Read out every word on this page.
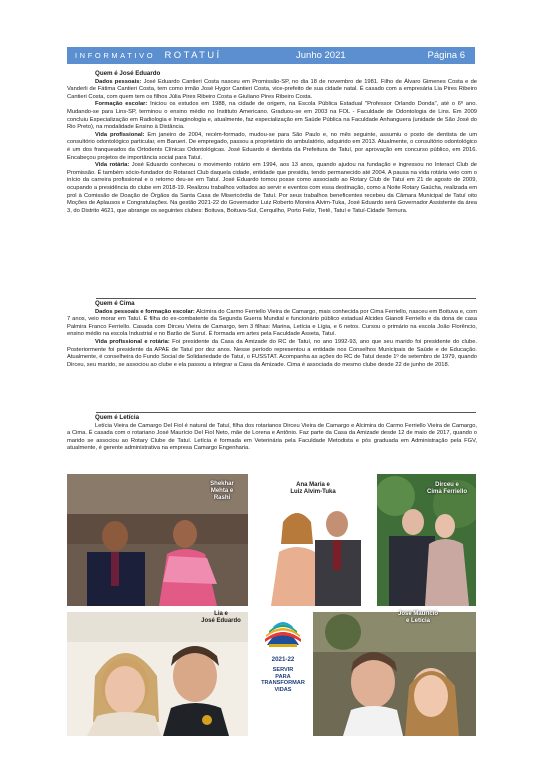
INFORMATIVO ROTATUÍ	Junho 2021	Página 6

Quem é José Eduardo

Dados pessoais: José Eduardo Cantieri Costa nasceu em Promissão-SP, no dia 18 de novembro de 1981. Filho de Álvaro Gimenes Costa e de Vanderli de Fátima Cantieri Costa, tem como irmão José Hygor Cantieri Costa, vice-prefeito de sua cidade natal. É casado com a empresária Lia Pires Ribeiro Cantieri Costa, com quem tem os filhos Júlia Pires Ribeiro Costa e Giuliano Pires Ribeiro Costa.

Formação escolar: Iniciou os estudos em 1988, na cidade de origem, na Escola Pública Estadual "Professor Orlando Donda", até o 6º ano. Mudando-se para Lins-SP, terminou o ensino médio no Instituto Americano. Graduou-se em 2003 na FOL - Faculdade de Odontologia de Lins. Em 2009 concluiu Especialização em Radiologia e Imaginologia e, atualmente, faz especialização em Saúde Pública na Faculdade Anhanguera (unidade de São José do Rio Preto), na modalidade Ensino à Distância.

Vida profissional: Em janeiro de 2004, recém-formado, mudou-se para São Paulo e, no mês seguinte, assumiu o posto de dentista de um consultório odontológico particular, em Barueri. De empregado, passou a proprietário do ambulatório, adquirido em 2013. Atualmente, o consultório odontológico é um dos franqueados da Ortodents Clínicas Odontológicas. José Eduardo é dentista da Prefeitura de Tatuí, por aprovação em concurso público, em 2016. Encabeçou projetos de importância social para Tatuí.

Vida rotária: José Eduardo conheceu o movimento rotário em 1994, aos 13 anos, quando ajudou na fundação e ingressou no Interact Club de Promissão. É também sócio-fundador do Rotaract Club daquela cidade, entidade que presidiu, tendo permanecido até 2004. A pausa na vida rotária veio com o início da carreira profissional e o retorno deu-se em Tatuí. José Eduardo tomou posse como associado ao Rotary Club de Tatuí em 21 de agosto de 2009, ocupando a presidência do clube em 2018-19. Realizou trabalhos voltados ao servir e eventos com essa destinação, como a Noite Rotary Gaúcha, realizada em prol à Comissão de Doação de Órgãos da Santa Casa de Misericórdia de Tatuí. Por seus trabalhos beneficentes recebeu da Câmara Municipal de Tatuí oito Moções de Aplausos e Congratulações. Na gestão 2021-22 do Governador Luiz Roberto Moreira Alvim-Tuka, José Eduardo será Governador Assistente da área 3, do Distrito 4621, que abrange os seguintes clubes: Boituva, Boituva-Sul, Cerquilho, Porto Feliz, Tietê, Tatuí e Tatuí-Cidade Ternura.

Quem é Cima

Dados pessoais e formação escolar: Alcimira do Carmo Ferriello Vieira de Camargo, mais conhecida por Cima Ferriello, nasceu em Boituva e, com 7 anos, veio morar em Tatuí. É filha do ex-combatente da Segunda Guerra Mundial e funcionário público estadual Alcides Gianoti Ferriello e da dona de casa Palmira Franco Ferriello. Casada com Dirceu Vieira de Camargo, tem 3 filhas: Marina, Letícia e Lígia, e 6 netos. Cursou o primário na escola João Florêncio, ensino médio na escola Industrial e no Barão de Suruí. É formada em artes pela Faculdade Asseta, Tatuí.

Vida profissional e rotária: Foi presidente da Casa da Amizade do RC de Tatuí, no ano 1992-93, ano que seu marido foi presidente do clube. Posteriormente foi presidente da APAE de Tatuí por dez anos. Nesse período representou a entidade nos Conselhos Municipais de Saúde e de Educação. Atualmente, é conselheira do Fundo Social de Solidariedade de Tatuí, o FUSSTAT. Acompanha as ações do RC de Tatuí desde 1º de setembro de 1979, quando Dirceu, seu marido, se associou ao clube e ela passou a integrar a Casa da Amizade. Cima é associada do mesmo clube desde 22 de junho de 2018.

Quem é Letícia

Letícia Vieira de Camargo Del Fiol é natural de Tatuí, filha dos rotarianos Dirceu Vieira de Camargo e Alcimira do Carmo Ferriello Vieira de Camargo, a Cima. É casada com o rotariano José Maurício Del Fiol Neto, mãe de Lorena e Antônio. Faz parte da Casa da Amizade desde 12 de maio de 2017, quando o marido se associou ao Rotary Clube de Tatuí. Letícia é formada em Veterinária pela Faculdade Metodista e pós graduada em Administração pela FGV, atualmente, é gerente administrativa na empresa Camargo Engenharia.

Shekhar
Mehta e
Rashi
Ana Maria e
Luiz Alvim-Tuka
Dirceu e
Cima Ferriello
Lia e
José Eduardo
2021-22
SERVIR
PARA
TRANSFORMAR
VIDAS
José Maurício
e Letícia
